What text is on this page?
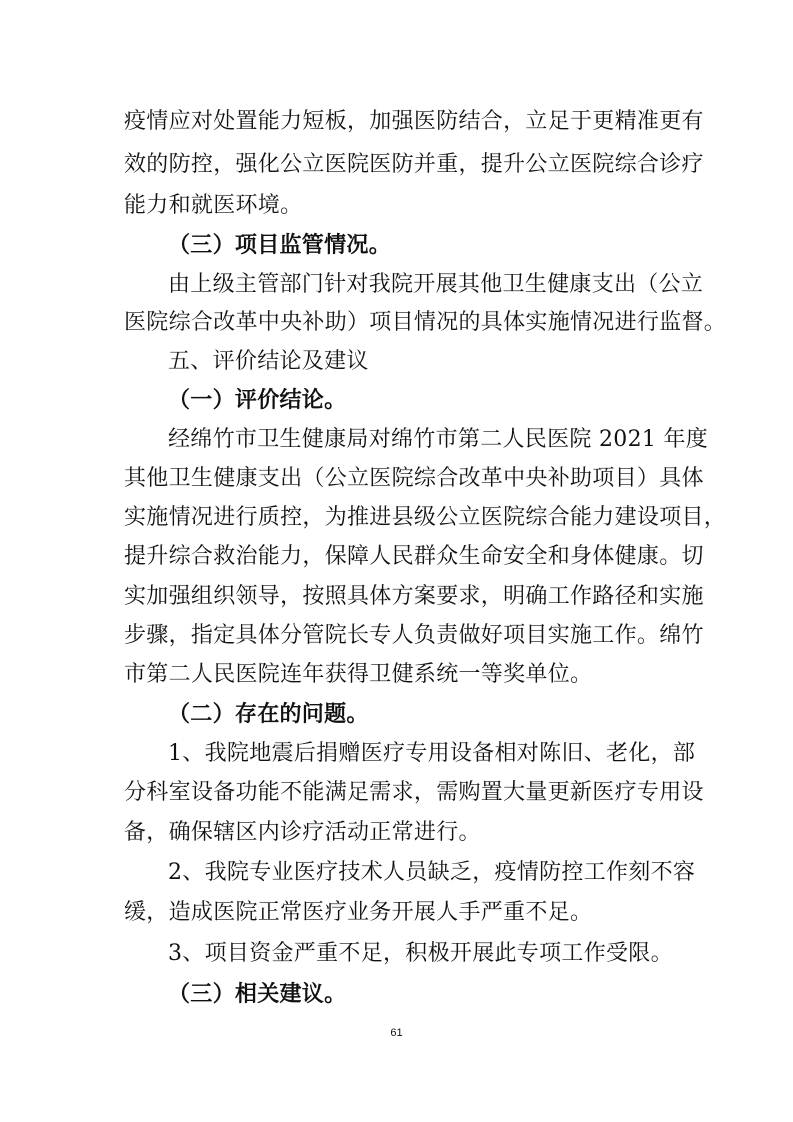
疫情应对处置能力短板，加强医防结合，立足于更精准更有
效的防控，强化公立医院医防并重，提升公立医院综合诊疗
能力和就医环境。
（三）项目监管情况。
由上级主管部门针对我院开展其他卫生健康支出（公立
医院综合改革中央补助）项目情况的具体实施情况进行监督。
五、评价结论及建议
（一）评价结论。
经绵竹市卫生健康局对绵竹市第二人民医院 2021 年度
其他卫生健康支出（公立医院综合改革中央补助项目）具体
实施情况进行质控，为推进县级公立医院综合能力建设项目，
提升综合救治能力，保障人民群众生命安全和身体健康。切
实加强组织领导，按照具体方案要求，明确工作路径和实施
步骤，指定具体分管院长专人负责做好项目实施工作。绵竹
市第二人民医院连年获得卫健系统一等奖单位。
（二）存在的问题。
1、我院地震后捐赠医疗专用设备相对陈旧、老化，部
分科室设备功能不能满足需求，需购置大量更新医疗专用设
备，确保辖区内诊疗活动正常进行。
2、我院专业医疗技术人员缺乏，疫情防控工作刻不容
缓，造成医院正常医疗业务开展人手严重不足。
3、项目资金严重不足，积极开展此专项工作受限。
（三）相关建议。
61
